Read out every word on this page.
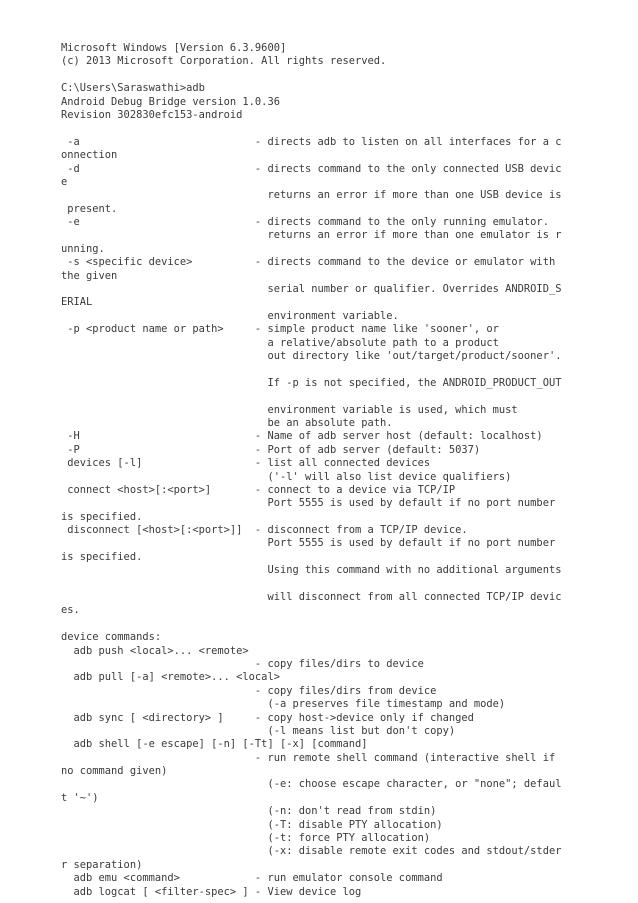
Microsoft Windows [Version 6.3.9600]
(c) 2013 Microsoft Corporation. All rights reserved.
C:\Users\Saraswathi>adb
Android Debug Bridge version 1.0.36
Revision 302830efc153-android
-a                            - directs adb to listen on all interfaces for a c
onnection
-d                            - directs command to the only connected USB devic
e
returns an error if more than one USB device is
present.
-e                            - directs command to the only running emulator.
returns an error if more than one emulator is r
unning.
-s <specific device>          - directs command to the device or emulator with
the given
serial number or qualifier. Overrides ANDROID_S
ERIAL
environment variable.
-p <product name or path>     - simple product name like 'sooner', or
a relative/absolute path to a product
out directory like 'out/target/product/sooner'.
If -p is not specified, the ANDROID_PRODUCT_OUT
environment variable is used, which must
be an absolute path.
-H                            - Name of adb server host (default: localhost)
-P                            - Port of adb server (default: 5037)
devices [-l]                  - list all connected devices
('-l' will also list device qualifiers)
connect <host>[:<port>]       - connect to a device via TCP/IP
Port 5555 is used by default if no port number
is specified.
disconnect [<host>[:<port>]]  - disconnect from a TCP/IP device.
Port 5555 is used by default if no port number
is specified.
Using this command with no additional arguments
will disconnect from all connected TCP/IP devic
es.
device commands:
adb push <local>... <remote>
- copy files/dirs to device
adb pull [-a] <remote>... <local>
- copy files/dirs from device
(-a preserves file timestamp and mode)
adb sync [ <directory> ]     - copy host->device only if changed
(-l means list but don't copy)
adb shell [-e escape] [-n] [-Tt] [-x] [command]
- run remote shell command (interactive shell if
no command given)
(-e: choose escape character, or "none"; defaul
t '~')
(-n: don't read from stdin)
(-T: disable PTY allocation)
(-t: force PTY allocation)
(-x: disable remote exit codes and stdout/stder
r separation)
adb emu <command>            - run emulator console command
adb logcat [ <filter-spec> ] - View device log
